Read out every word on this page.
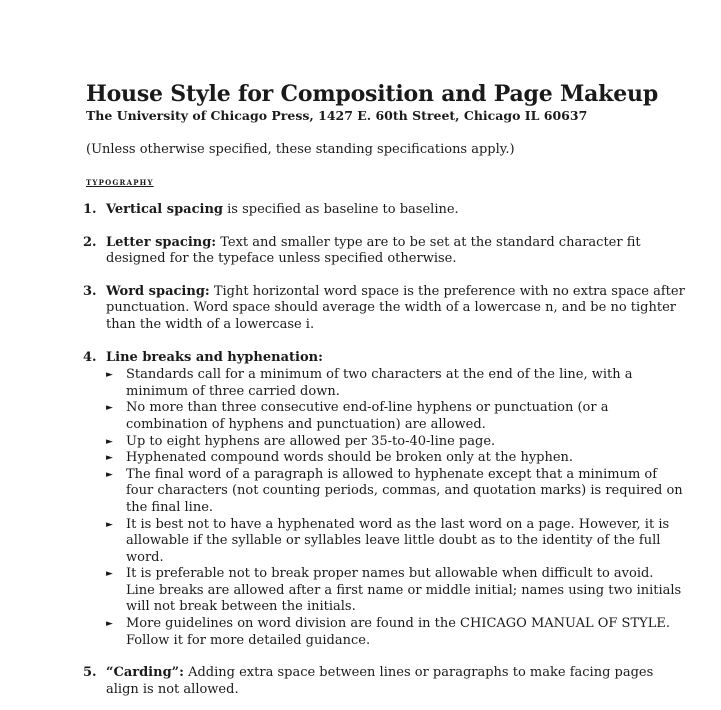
House Style for Composition and Page Makeup

The University of Chicago Press, 1427 E. 60th Street, Chicago IL 60637

(Unless otherwise specified, these standing specifications apply.)

typography
1. Vertical spacing is specified as baseline to baseline.
2. Letter spacing: Text and smaller type are to be set at the standard character fit designed for the typeface unless specified otherwise.
3. Word spacing: Tight horizontal word space is the preference with no extra space after punctuation. Word space should average the width of a lowercase n, and be no tighter than the width of a lowercase i.
4. Line breaks and hyphenation:
► Standards call for a minimum of two characters at the end of the line, with a minimum of three carried down.
► No more than three consecutive end-of-line hyphens or punctuation (or a combination of hyphens and punctuation) are allowed.
► Up to eight hyphens are allowed per 35-to-40-line page.
► Hyphenated compound words should be broken only at the hyphen.
► The final word of a paragraph is allowed to hyphenate except that a minimum of four characters (not counting periods, commas, and quotation marks) is required on the final line.
► It is best not to have a hyphenated word as the last word on a page. However, it is allowable if the syllable or syllables leave little doubt as to the identity of the full word.
► It is preferable not to break proper names but allowable when difficult to avoid. Line breaks are allowed after a first name or middle initial; names using two initials will not break between the initials.
► More guidelines on word division are found in the CHICAGO MANUAL OF STYLE. Follow it for more detailed guidance.
5. “Carding”: Adding extra space between lines or paragraphs to make facing pages align is not allowed.
